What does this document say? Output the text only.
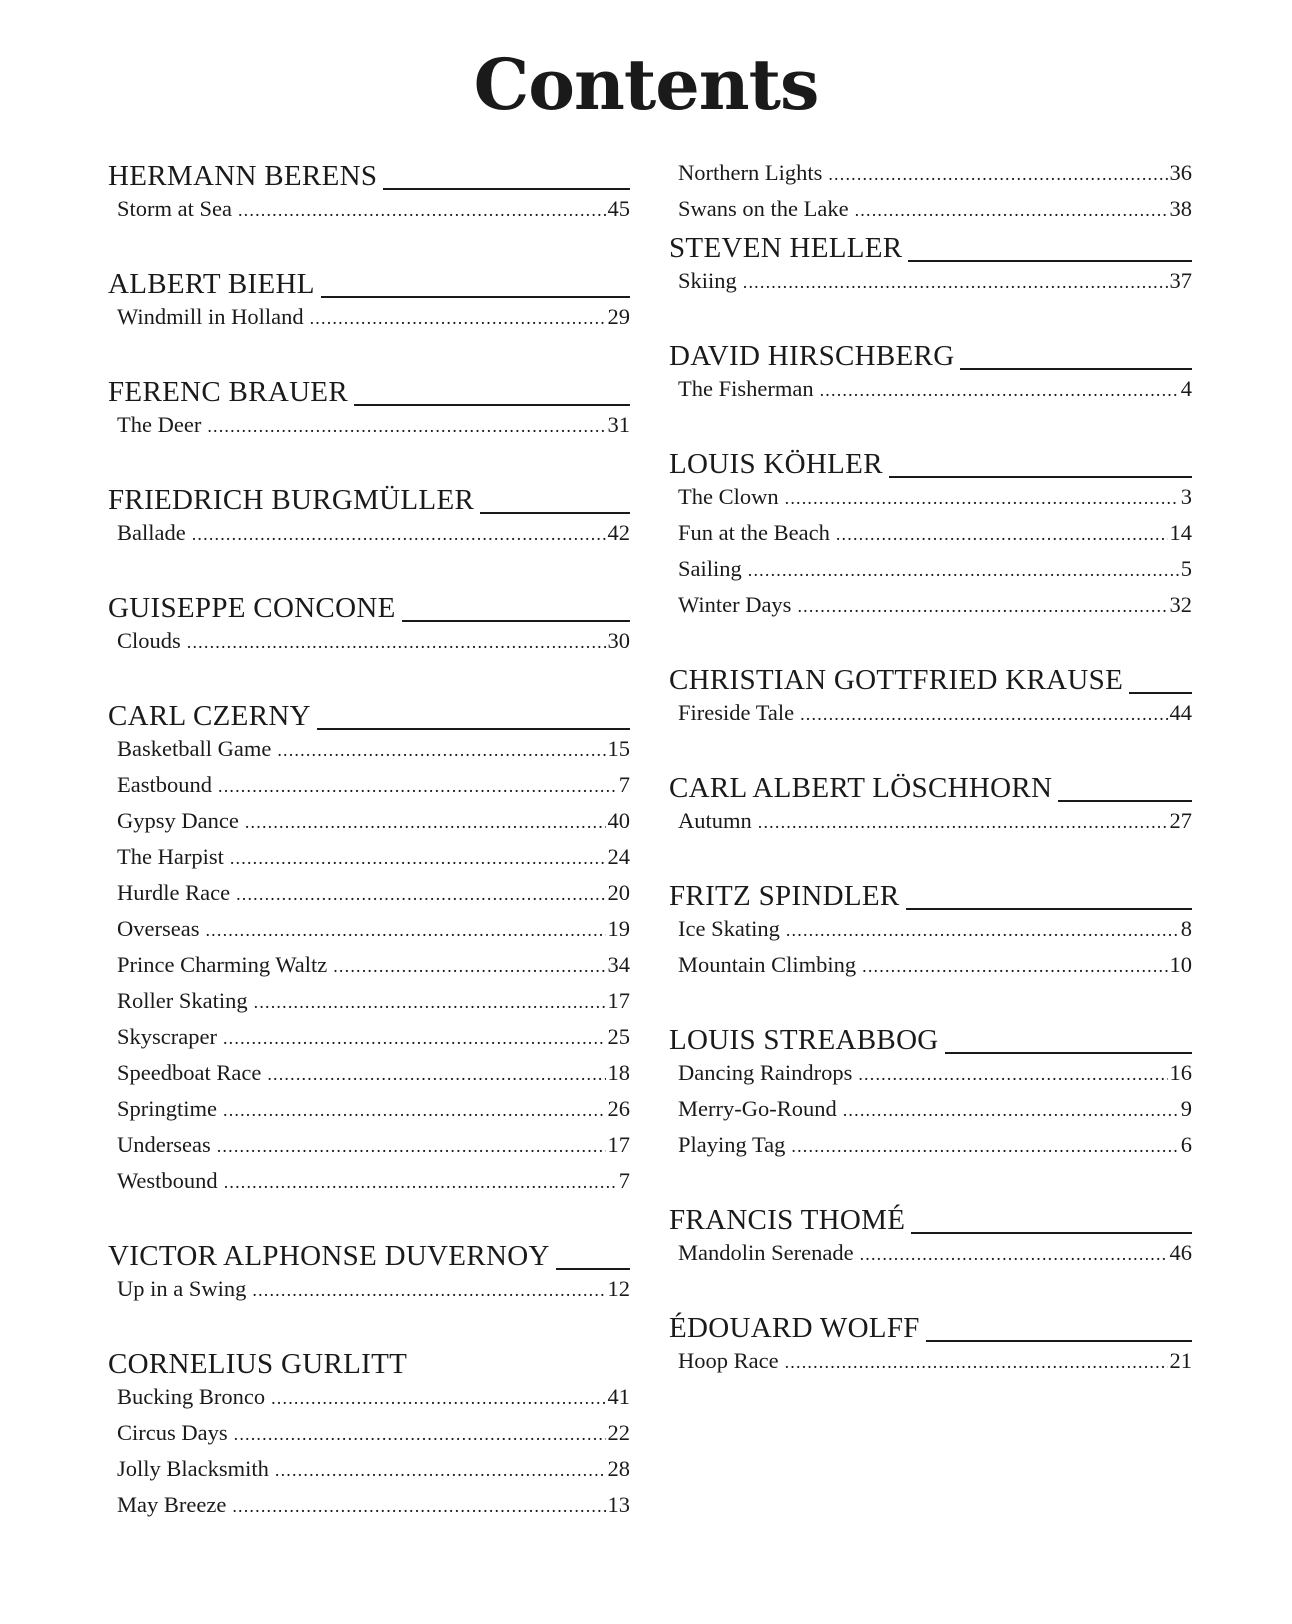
Contents
HERMANN BERENS
Storm at Sea .....	45
ALBERT BIEHL
Windmill in Holland .....	29
FERENC BRAUER
The Deer .....	31
FRIEDRICH BURGMÜLLER
Ballade .....	42
GUISEPPE CONCONE
Clouds .....	30
CARL CZERNY
Basketball Game .....	15
Eastbound .....	7
Gypsy Dance .....	40
The Harpist .....	24
Hurdle Race .....	20
Overseas .....	19
Prince Charming Waltz .....	34
Roller Skating .....	17
Skyscraper .....	25
Speedboat Race .....	18
Springtime .....	26
Underseas .....	17
Westbound .....	7
VICTOR ALPHONSE DUVERNOY
Up in a Swing .....	12
CORNELIUS GURLITT
Bucking Bronco .....	41
Circus Days .....	22
Jolly Blacksmith .....	28
May Breeze .....	13
Northern Lights .....	36
Swans on the Lake .....	38
STEVEN HELLER
Skiing .....	37
DAVID HIRSCHBERG
The Fisherman .....	4
LOUIS KÖHLER
The Clown .....	3
Fun at the Beach .....	14
Sailing .....	5
Winter Days .....	32
CHRISTIAN GOTTFRIED KRAUSE
Fireside Tale .....	44
CARL ALBERT LÖSCHHORN
Autumn .....	27
FRITZ SPINDLER
Ice Skating .....	8
Mountain Climbing .....	10
LOUIS STREABBOG
Dancing Raindrops .....	16
Merry-Go-Round .....	9
Playing Tag .....	6
FRANCIS THOMÉ
Mandolin Serenade .....	46
ÉDOUARD WOLFF
Hoop Race .....	21
